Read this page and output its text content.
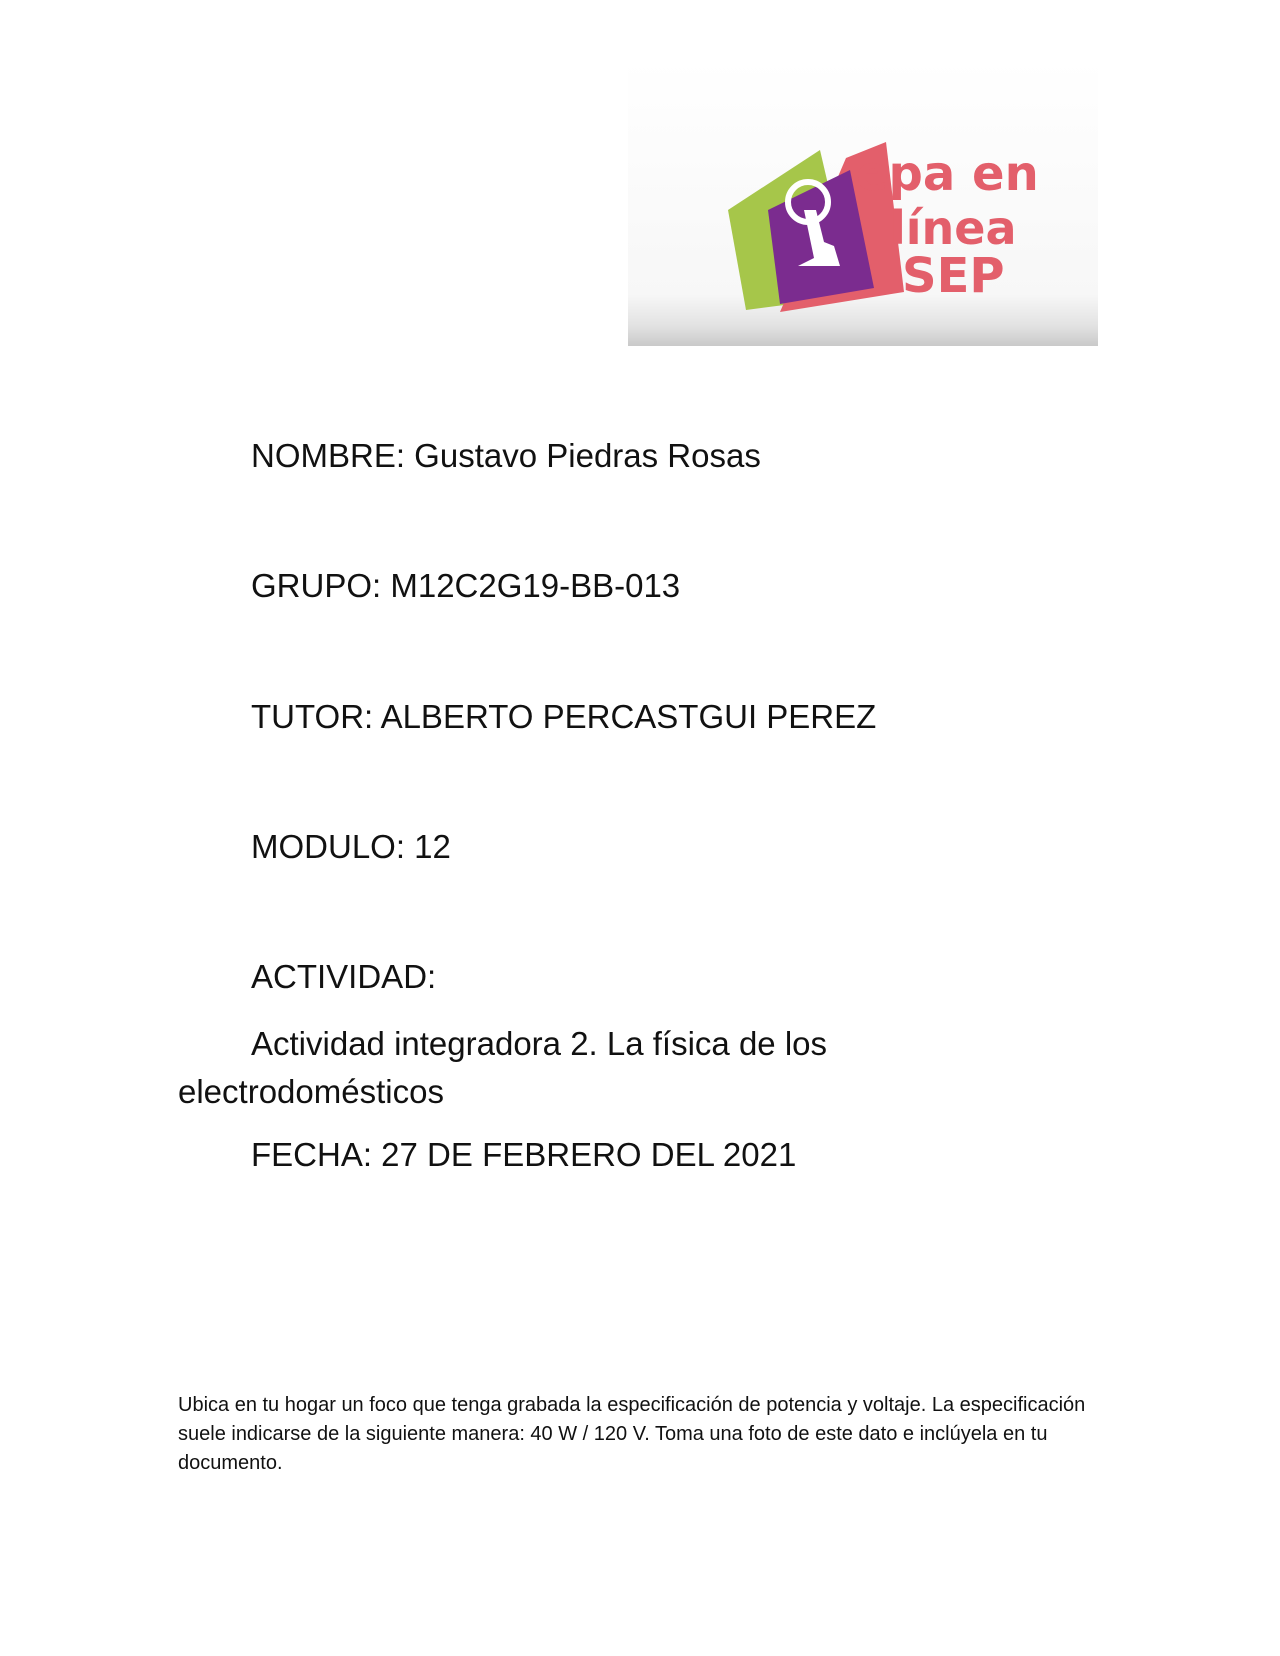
epa en
línea
SEP
NOMBRE: Gustavo Piedras Rosas
GRUPO: M12C2G19-BB-013
TUTOR: ALBERTO PERCASTGUI PEREZ
MODULO: 12
ACTIVIDAD:
Actividad integradora 2. La física de los electrodomésticos
FECHA: 27 DE FEBRERO DEL 2021
Ubica en tu hogar un foco que tenga grabada la especificación de potencia y voltaje. La especificación suele indicarse de la siguiente manera: 40 W / 120 V. Toma una foto de este dato e inclúyela en tu documento.
